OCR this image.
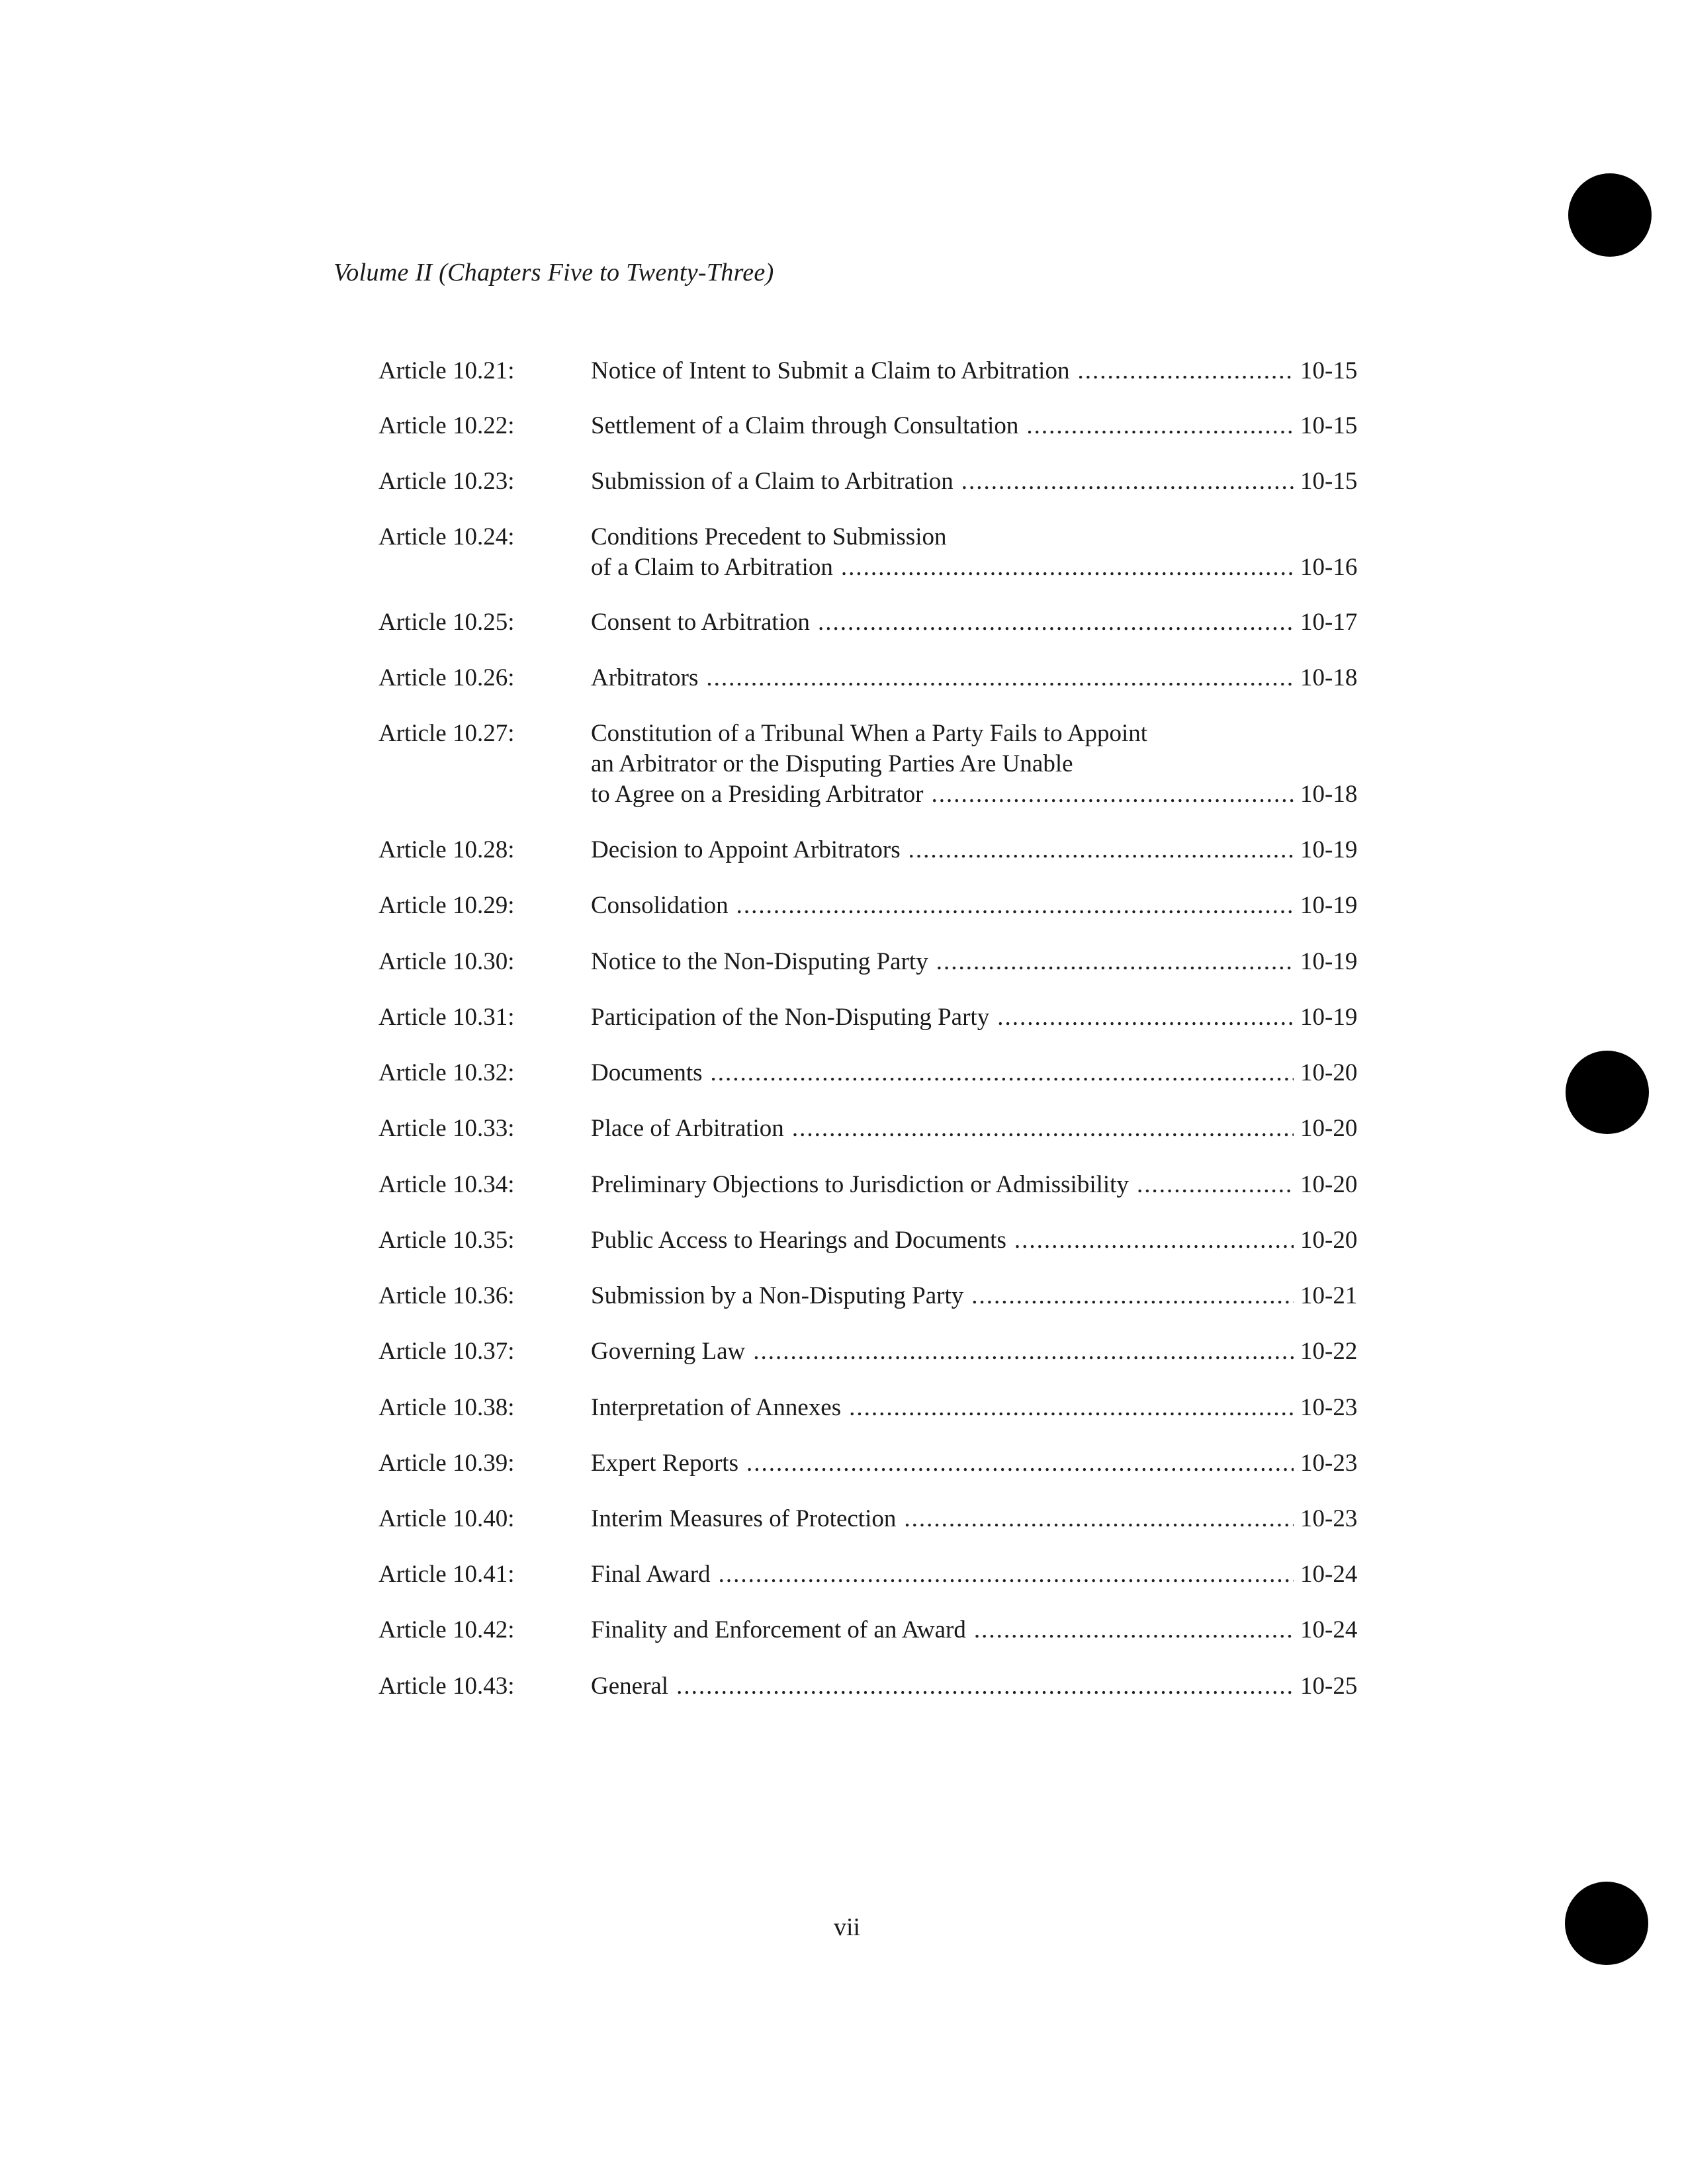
Volume II (Chapters Five to Twenty-Three)
Article 10.21:	Notice of Intent to Submit a Claim to Arbitration .....	10-15
Article 10.22:	Settlement of a Claim through Consultation .....	10-15
Article 10.23:	Submission of a Claim to Arbitration .....	10-15
Article 10.24:	Conditions Precedent to Submission
of a Claim to Arbitration .....	10-16
Article 10.25:	Consent to Arbitration .....	10-17
Article 10.26:	Arbitrators .....	10-18
Article 10.27:	Constitution of a Tribunal When a Party Fails to Appoint
an Arbitrator or the Disputing Parties Are Unable
to Agree on a Presiding Arbitrator .....	10-18
Article 10.28:	Decision to Appoint Arbitrators .....	10-19
Article 10.29:	Consolidation .....	10-19
Article 10.30:	Notice to the Non-Disputing Party .....	10-19
Article 10.31:	Participation of the Non-Disputing Party .....	10-19
Article 10.32:	Documents .....	10-20
Article 10.33:	Place of Arbitration .....	10-20
Article 10.34:	Preliminary Objections to Jurisdiction or Admissibility .....	10-20
Article 10.35:	Public Access to Hearings and Documents .....	10-20
Article 10.36:	Submission by a Non-Disputing Party .....	10-21
Article 10.37:	Governing Law .....	10-22
Article 10.38:	Interpretation of Annexes .....	10-23
Article 10.39:	Expert Reports .....	10-23
Article 10.40:	Interim Measures of Protection .....	10-23
Article 10.41:	Final Award .....	10-24
Article 10.42:	Finality and Enforcement of an Award .....	10-24
Article 10.43:	General .....	10-25
vii
